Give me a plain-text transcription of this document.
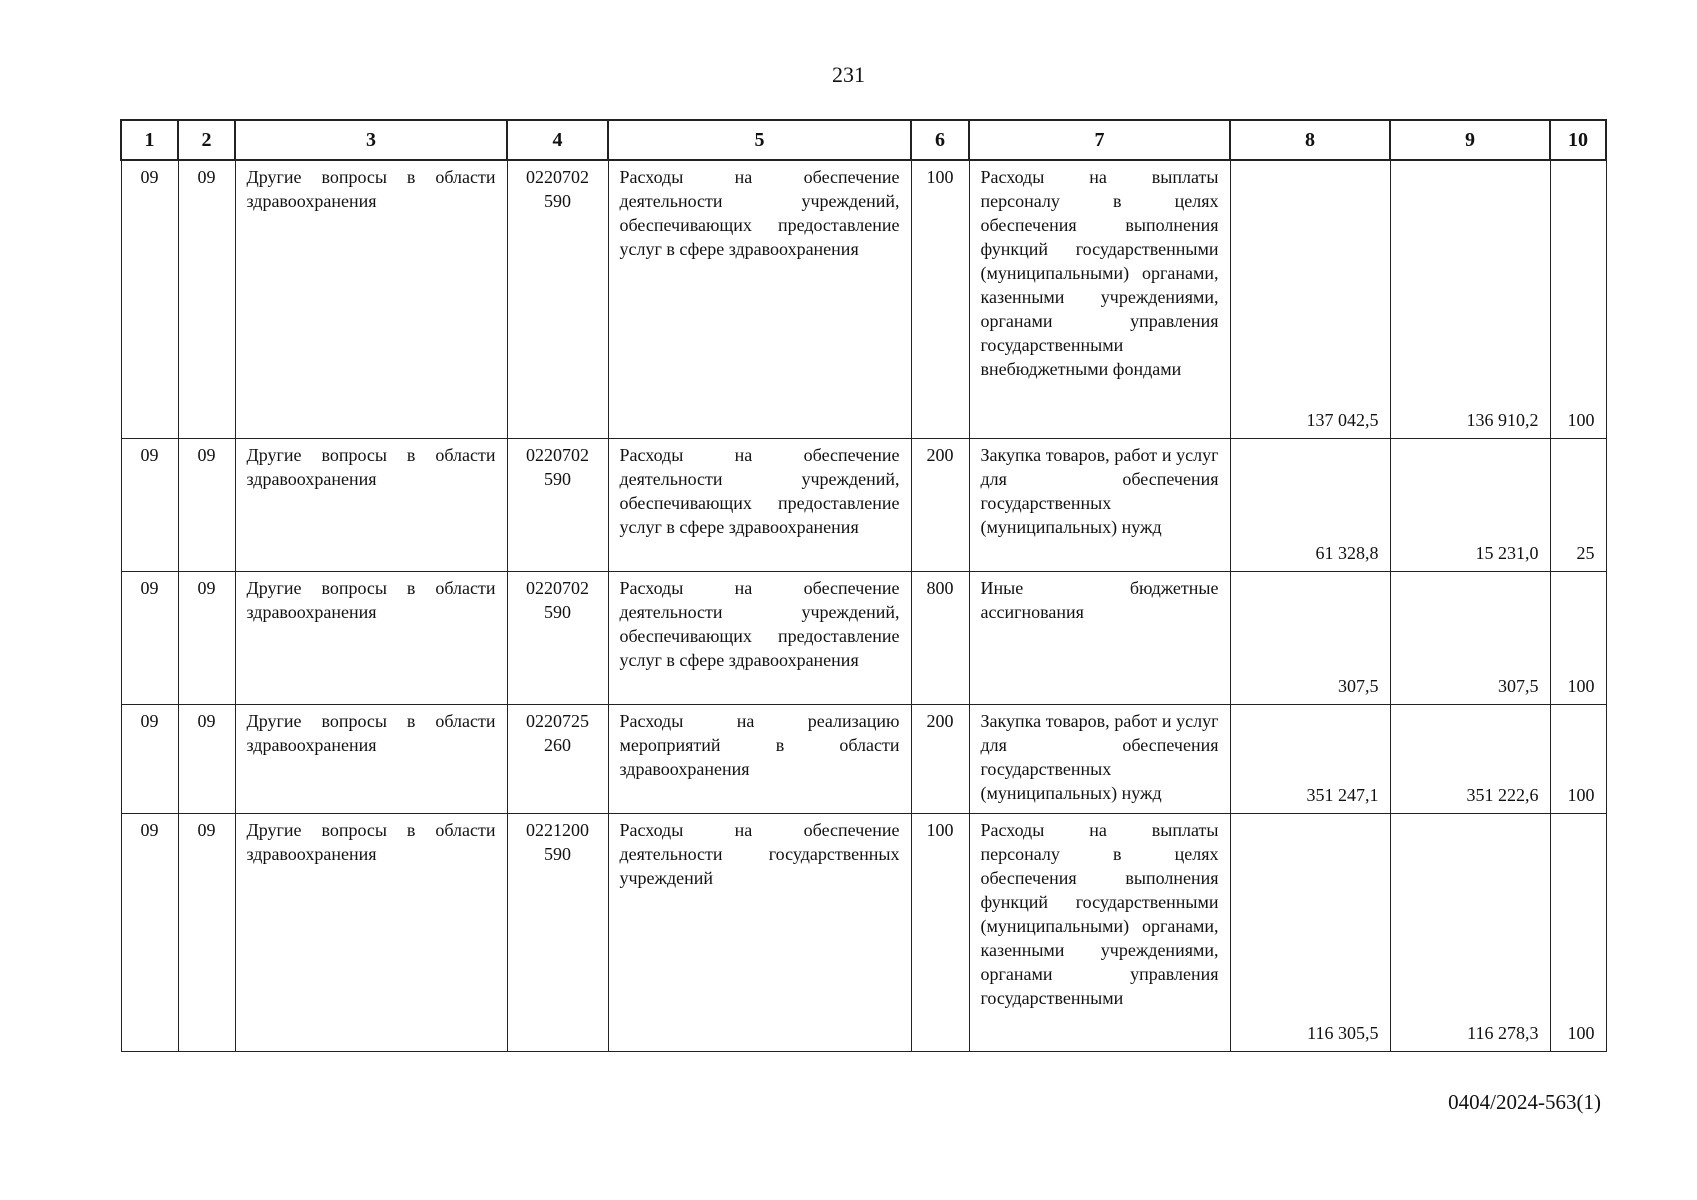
231
1	2	3	4	5	6	7	8	9	10
09	09	Другие вопросы в области здравоохранения	0220702 590	Расходы на обеспечение деятельности учреждений, обеспечивающих предоставление услуг в сфере здравоохранения	100	Расходы на выплаты персоналу в целях обеспечения выполнения функций государственными (муниципальными) органами, казенными учреждениями, органами управления государственными внебюджетными фондами	137 042,5	136 910,2	100
09	09	Другие вопросы в области здравоохранения	0220702 590	Расходы на обеспечение деятельности учреждений, обеспечивающих предоставление услуг в сфере здравоохранения	200	Закупка товаров, работ и услуг для обеспечения государственных (муниципальных) нужд	61 328,8	15 231,0	25
09	09	Другие вопросы в области здравоохранения	0220702 590	Расходы на обеспечение деятельности учреждений, обеспечивающих предоставление услуг в сфере здравоохранения	800	Иные бюджетные ассигнования	307,5	307,5	100
09	09	Другие вопросы в области здравоохранения	0220725 260	Расходы на реализацию мероприятий в области здравоохранения	200	Закупка товаров, работ и услуг для обеспечения государственных (муниципальных) нужд	351 247,1	351 222,6	100
09	09	Другие вопросы в области здравоохранения	0221200 590	Расходы на обеспечение деятельности государственных учреждений	100	Расходы на выплаты персоналу в целях обеспечения выполнения функций государственными (муниципальными) органами, казенными учреждениями, органами управления государственными	116 305,5	116 278,3	100
0404/2024-563(1)
